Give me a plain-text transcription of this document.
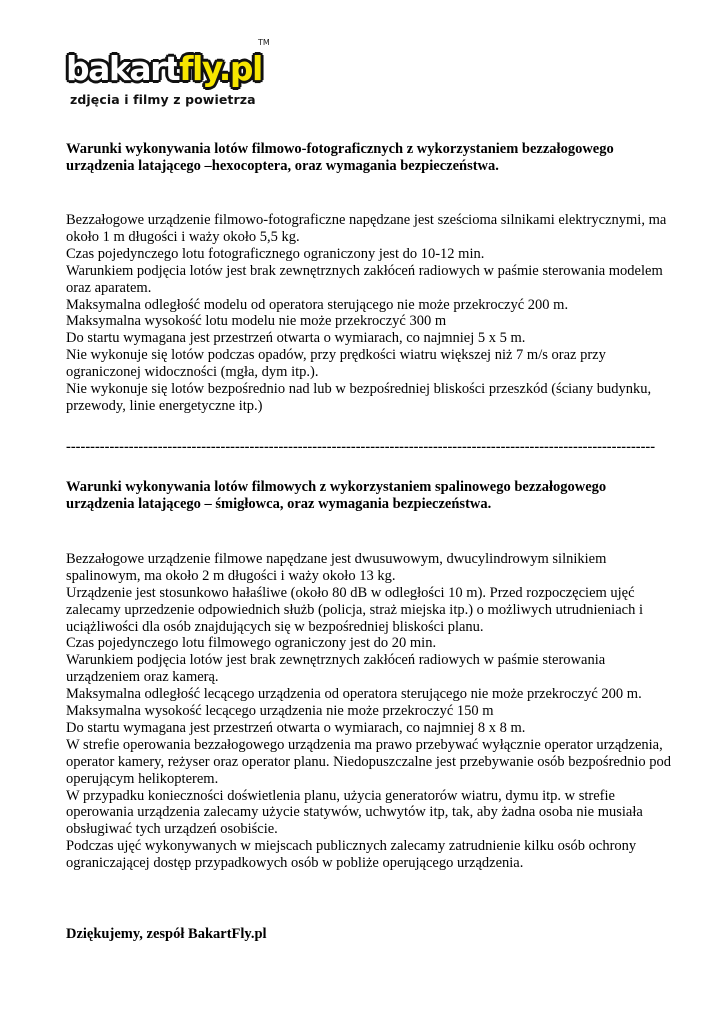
bakart fly.pl
TM
zdjęcia i filmy z powietrza
Warunki wykonywania lotów filmowo-fotograficznych z wykorzystaniem bezzałogowego
urządzenia latającego –hexocoptera, oraz wymagania bezpieczeństwa.

Bezzałogowe urządzenie filmowo-fotograficzne napędzane jest sześcioma silnikami elektrycznymi, ma około 1 m długości i waży około 5,5 kg.

Czas pojedynczego lotu fotograficznego ograniczony jest do 10-12 min.

Warunkiem podjęcia lotów jest brak zewnętrznych zakłóceń radiowych w paśmie sterowania modelem oraz aparatem.

Maksymalna odległość modelu od operatora sterującego nie może przekroczyć 200 m.

Maksymalna wysokość lotu modelu nie może przekroczyć 300 m

Do startu wymagana jest przestrzeń otwarta o wymiarach, co najmniej 5 x 5 m.

Nie wykonuje się lotów podczas opadów, przy prędkości wiatru większej niż 7 m/s oraz przy ograniczonej widoczności (mgła, dym itp.).

Nie wykonuje się lotów bezpośrednio nad lub w bezpośredniej bliskości przeszkód (ściany budynku, przewody, linie energetyczne itp.)

--------------------------------------------------------------------------------------------------------------------------
Warunki wykonywania lotów filmowych z wykorzystaniem spalinowego bezzałogowego
urządzenia latającego – śmigłowca, oraz wymagania bezpieczeństwa.

Bezzałogowe urządzenie filmowe napędzane jest dwusuwowym, dwucylindrowym silnikiem spalinowym, ma około 2 m długości i waży około 13 kg.

Urządzenie jest stosunkowo hałaśliwe (około 80 dB w odległości 10 m). Przed rozpoczęciem ujęć zalecamy uprzedzenie odpowiednich służb (policja, straż miejska itp.) o możliwych utrudnieniach i uciążliwości dla osób znajdujących się w bezpośredniej bliskości planu.

Czas pojedynczego lotu filmowego ograniczony jest do 20 min.

Warunkiem podjęcia lotów jest brak zewnętrznych zakłóceń radiowych w paśmie sterowania urządzeniem oraz kamerą.

Maksymalna odległość lecącego urządzenia od operatora sterującego nie może przekroczyć 200 m.

Maksymalna wysokość lecącego urządzenia nie może przekroczyć 150 m

Do startu wymagana jest przestrzeń otwarta o wymiarach, co najmniej 8 x 8 m.

W strefie operowania bezzałogowego urządzenia ma prawo przebywać wyłącznie operator urządzenia, operator kamery, reżyser oraz operator planu. Niedopuszczalne jest przebywanie osób bezpośrednio pod operującym helikopterem.

W przypadku konieczności doświetlenia planu, użycia generatorów wiatru, dymu itp. w strefie operowania urządzenia zalecamy użycie statywów, uchwytów itp, tak, aby żadna osoba nie musiała obsługiwać tych urządzeń osobiście.

Podczas ujęć wykonywanych w miejscach publicznych zalecamy zatrudnienie kilku osób ochrony ograniczającej dostęp przypadkowych osób w pobliże operującego urządzenia.

Dziękujemy, zespół BakartFly.pl
